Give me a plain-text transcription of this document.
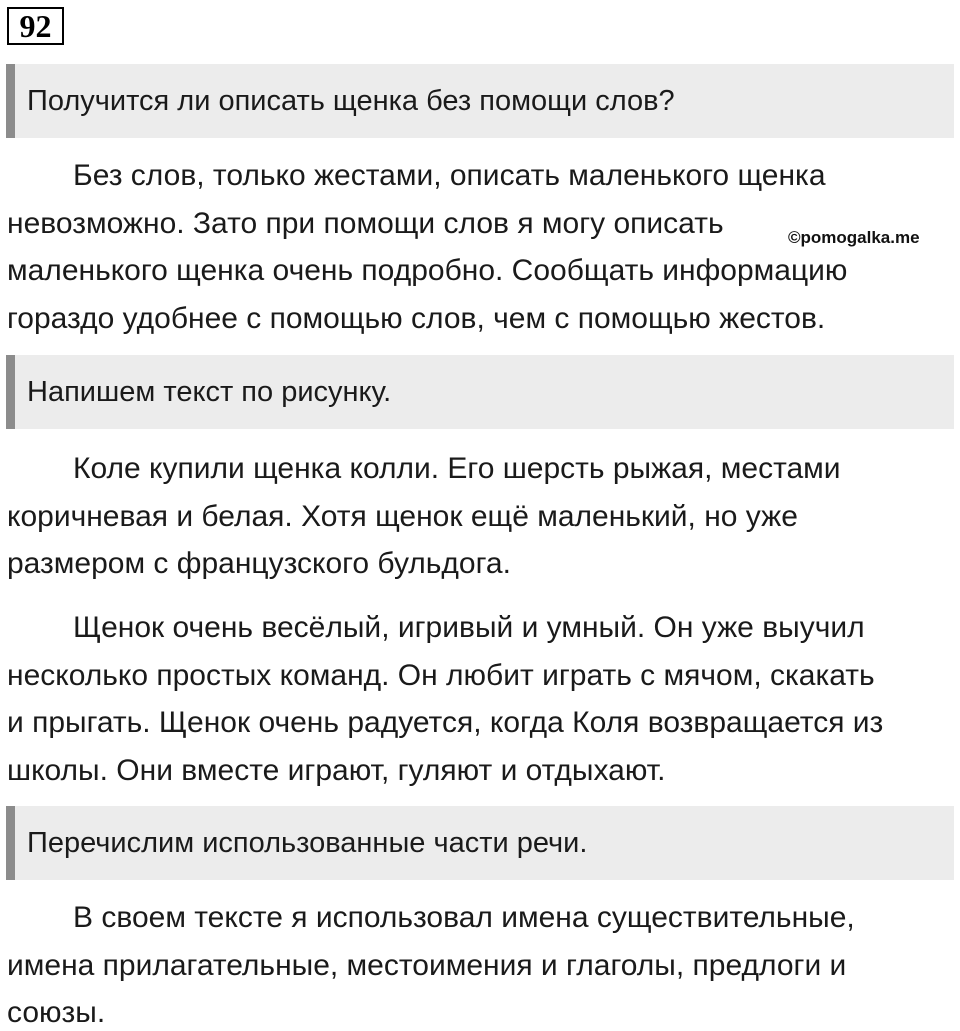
92
Получится ли описать щенка без помощи слов?
Без слов, только жестами, описать маленького щенка
невозможно. Зато при помощи слов я могу описать
маленького щенка очень подробно. Сообщать информацию
гораздо удобнее с помощью слов, чем с помощью жестов.
©pomogalka.me
Напишем текст по рисунку.
Коле купили щенка колли. Его шерсть рыжая, местами
коричневая и белая. Хотя щенок ещё маленький, но уже
размером с французского бульдога.
Щенок очень весёлый, игривый и умный. Он уже выучил
несколько простых команд. Он любит играть с мячом, скакать
и прыгать. Щенок очень радуется, когда Коля возвращается из
школы. Они вместе играют, гуляют и отдыхают.
Перечислим использованные части речи.
В своем тексте я использовал имена существительные,
имена прилагательные, местоимения и глаголы, предлоги и
союзы.
